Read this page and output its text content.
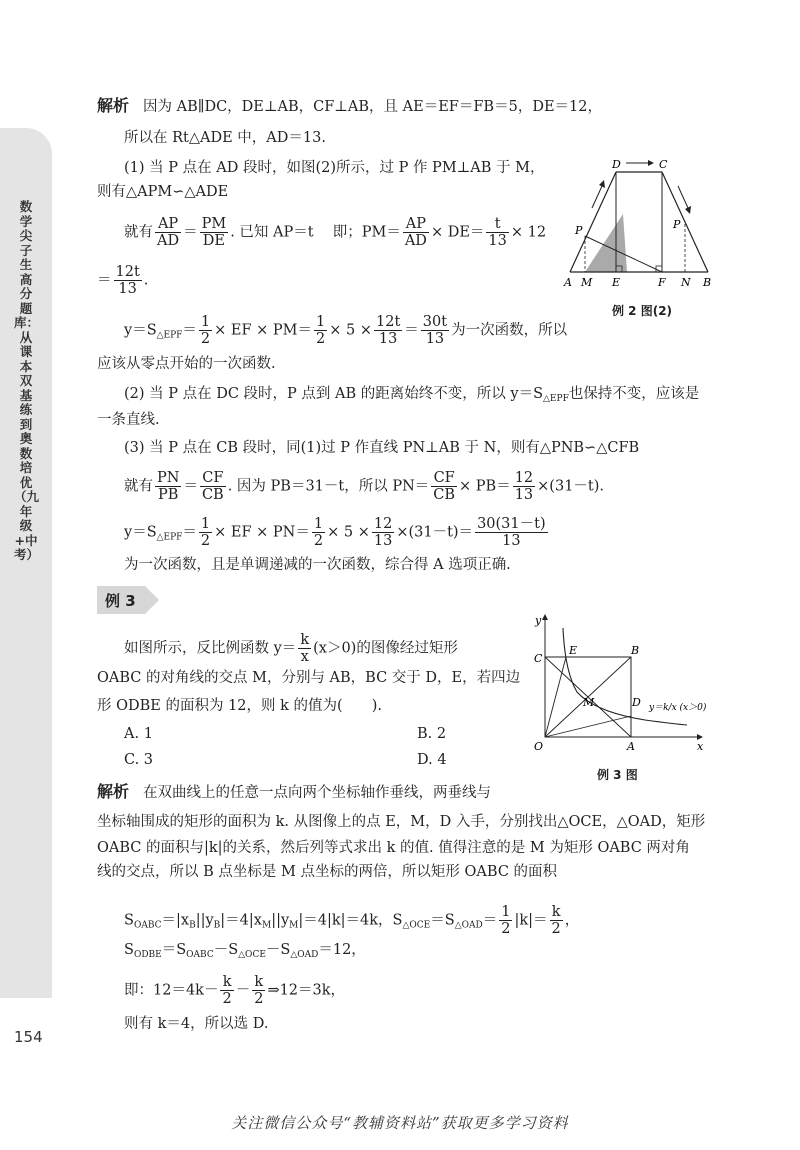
数学尖子生高分题库：从课本双基练到奥数培优（九年级+中考）
154
解析 因为 AB∥DC，DE⊥AB，CF⊥AB，且 AE＝EF＝FB＝5，DE＝12，
所以在 Rt△ADE 中，AD＝13.
(1) 当 P 点在 AD 段时，如图(2)所示，过 P 作 PM⊥AB 于 M，
则有△APM∽△ADE
就有 $\frac{AP}{AD} = \frac{PM}{DE}$ . 已知 AP＝t　 即；$PM= \frac{AP}{AD} \times DE= \frac{t}{13} \times 12$
＝ $\frac{12t}{13}$ .
$y=S_{\triangle EPF}= \frac{1}{2}$ × EF × $PM= \frac{1}{2} \times 5 \times \frac{12t}{13} = \frac{30t}{13}$ 为一次函数，所以
应该从零点开始的一次函数.
(2) 当 P 点在 DC 段时，P 点到 AB 的距离始终不变，所以 $y=S_{\triangle EPF}$也保持不变，应该是
一条直线.
(3) 当 P 点在 CB 段时，同(1)过 P 作直线 PN⊥AB 于 N，则有△PNB∽△CFB
就有 $\frac{PN}{PB} = \frac{CF}{CB}$ . 因为 PB＝31－t，所以 $PN= \frac{CF}{CB} \times PB= \frac{12}{13} \times(31-t)$.
$y=S_{\triangle EPF}= \frac{1}{2}$ × EF × $PN= \frac{1}{2} \times 5 \times \frac{12}{13} \times(31-t)= \frac{30(31-t)}{13}$
为一次函数，且是单调递减的一次函数，综合得 A 选项正确.
D	C
P	P
A M E	F N B
例 2 图(2)
例 3
如图所示，反比例函数 $y= \frac{k}{x} (x>0)$的图像经过矩形
OABC 的对角线的交点 M，分别与 AB，BC 交于 D，E，若四边
形 ODBE 的面积为 12，则 k 的值为(　　).
A. 1	B. 2
C. 3	D. 4
y
C
E	B
M	D
O	A	x
y＝k/x (x＞0)
例 3 图
解析 在双曲线上的任意一点向两个坐标轴作垂线，两垂线与
坐标轴围成的矩形的面积为 k. 从图像上的点 E，M，D 入手，分别找出△OCE，△OAD，矩形
OABC 的面积与|k|的关系，然后列等式求出 k 的值. 值得注意的是 M 为矩形 OABC 两对角
线的交点，所以 B 点坐标是 M 点坐标的两倍，所以矩形 OABC 的面积
$S_{OABC}=|x_B||y_B|=4|x_M||y_M|=4|k|=4k$，$S_{\triangle OCE}=S_{\triangle OAD}= \frac{1}{2} |k|= \frac{k}{2}$ ，
$S_{ODBE}=S_{OABC}-S_{\triangle OCE}-S_{\triangle OAD}=12$，
即：$12=4k- \frac{k}{2} - \frac{k}{2}$ ⇒12＝3k，
则有 k＝4，所以选 D.
关注微信公众号“教辅资料站”获取更多学习资料
